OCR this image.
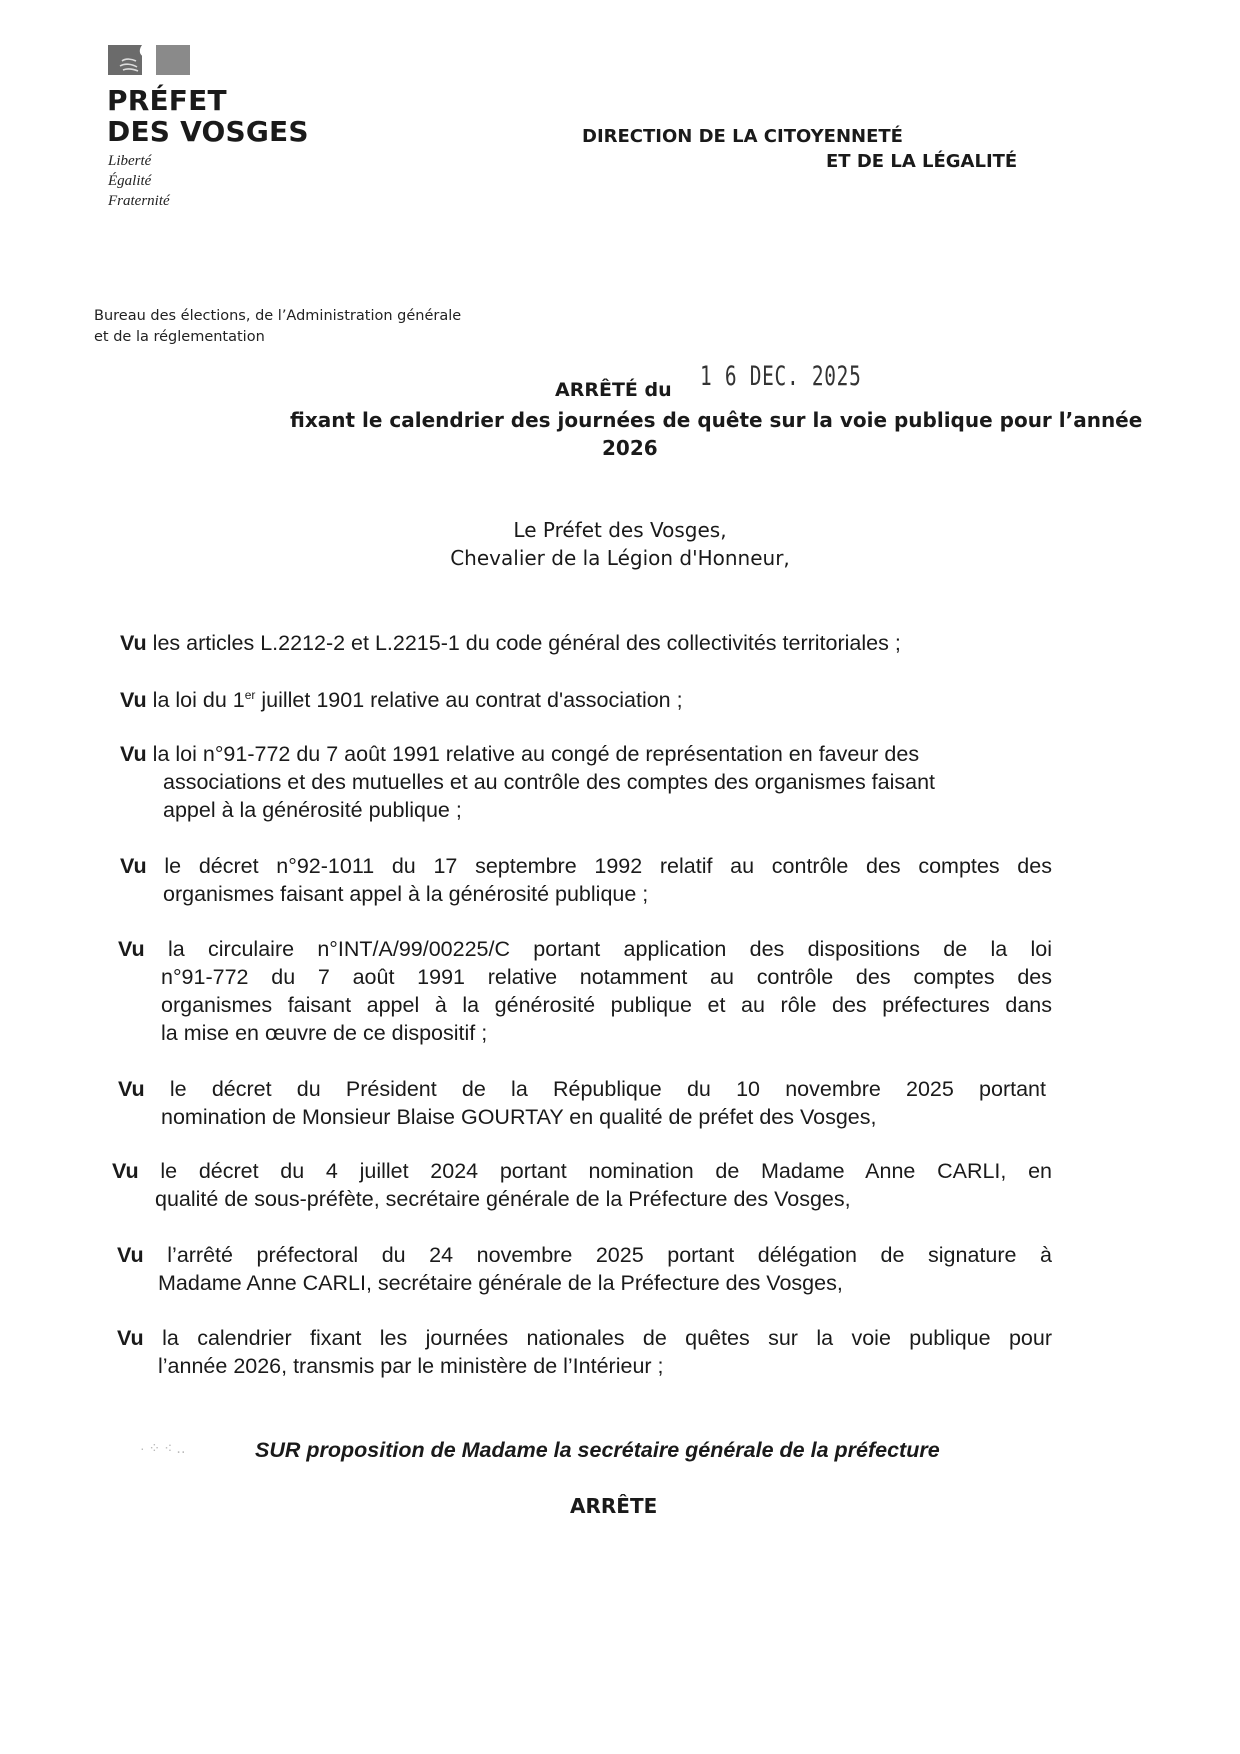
PRÉFET
DES VOSGES
Liberté
Égalité
Fraternité
DIRECTION DE LA CITOYENNETÉ
ET DE LA LÉGALITÉ
Bureau des élections, de l’Administration générale
et de la réglementation
ARRÊTÉ du 1 6 DEC. 2025
fixant le calendrier des journées de quête sur la voie publique pour l’année
2026
Le Préfet des Vosges,
Chevalier de la Légion d'Honneur,
Vu les articles L.2212-2 et L.2215-1 du code général des collectivités territoriales ;
Vu la loi du 1er juillet 1901 relative au contrat d'association ;
Vu la loi n°91-772 du 7 août 1991 relative au congé de représentation en faveur des
associations et des mutuelles et au contrôle des comptes des organismes faisant
appel à la générosité publique ;
Vu le décret n°92-1011 du 17 septembre 1992 relatif au contrôle des comptes des
organismes faisant appel à la générosité publique ;
Vu la circulaire n°INT/A/99/00225/C portant application des dispositions de la loi
n°91-772 du 7 août 1991 relative notamment au contrôle des comptes des
organismes faisant appel à la générosité publique et au rôle des préfectures dans
la mise en œuvre de ce dispositif ;
Vu le décret du Président de la République du 10 novembre 2025 portant
nomination de Monsieur Blaise GOURTAY en qualité de préfet des Vosges,
Vu le décret du 4 juillet 2024 portant nomination de Madame Anne CARLI, en
qualité de sous-préfète, secrétaire générale de la Préfecture des Vosges,
Vu l’arrêté préfectoral du 24 novembre 2025 portant délégation de signature à
Madame Anne CARLI, secrétaire générale de la Préfecture des Vosges,
Vu la calendrier fixant les journées nationales de quêtes sur la voie publique pour
l’année 2026, transmis par le ministère de l’Intérieur ;
· ⁘ ⁖ ‥	SUR proposition de Madame la secrétaire générale de la préfecture
ARRÊTE
